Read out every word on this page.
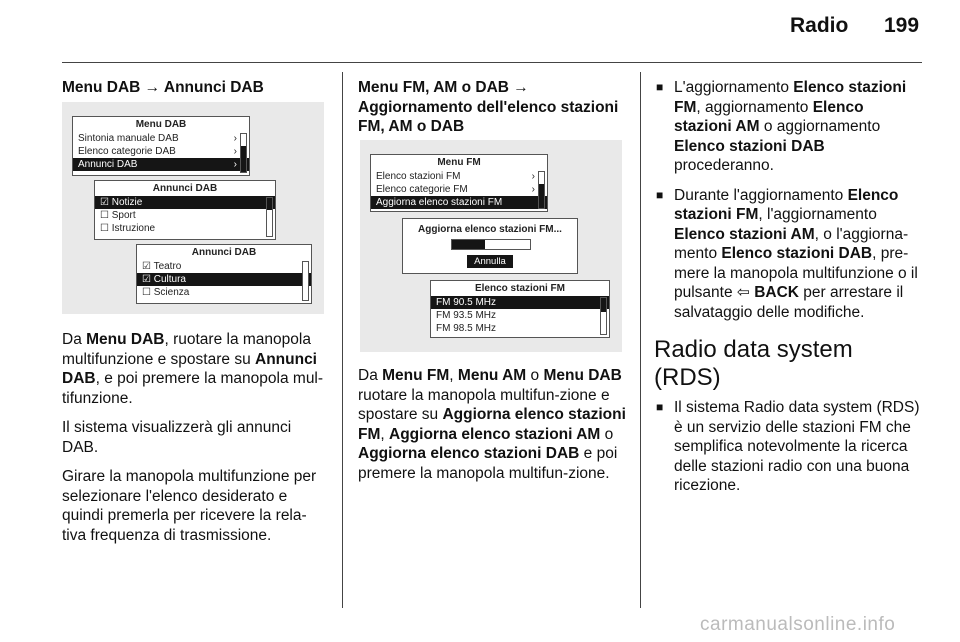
Radio 199
Menu DAB → Annunci DAB
Menu DAB
Sintonia manuale DAB	›
Elenco categorie DAB	›
Annunci DAB	›
Annunci DAB
☑ Notizie
☐ Sport
☐ Istruzione
Annunci DAB
☑ Teatro
☑ Cultura
☐ Scienza

Da Menu DAB, ruotare la manopola multifunzione e spostare su Annunci DAB, e poi premere la manopola mul-tifunzione.

Il sistema visualizzerà gli annunci DAB.

Girare la manopola multifunzione per selezionare l'elenco desiderato e quindi premerla per ricevere la rela-tiva frequenza di trasmissione.

Menu FM, AM o DAB → Aggiornamento dell'elenco stazioni FM, AM o DAB
Menu FM
Elenco stazioni FM	›
Elenco categorie FM	›
Aggiorna elenco stazioni FM
Aggiorna elenco stazioni FM...
Annulla
Elenco stazioni FM
FM 90.5 MHz
FM 93.5 MHz
FM 98.5 MHz

Da Menu FM, Menu AM o Menu DAB ruotare la manopola multifun-zione e spostare su Aggiorna elenco stazioni FM, Aggiorna elenco stazioni AM o Aggiorna elenco stazioni DAB e poi premere la manopola multifun-zione.

■ L'aggiornamento Elenco stazioni FM, aggiornamento Elenco stazioni AM o aggiornamento Elenco stazioni DAB procederanno.

■ Durante l'aggiornamento Elenco stazioni FM, l'aggiornamento Elenco stazioni AM, o l'aggiorna-mento Elenco stazioni DAB, pre-mere la manopola multifunzione o il pulsante ⇦ BACK per arrestare il salvataggio delle modifiche.

Radio data system (RDS)

■ Il sistema Radio data system (RDS) è un servizio delle stazioni FM che semplifica notevolmente la ricerca delle stazioni radio con una buona ricezione.

carmanualsonline.info
